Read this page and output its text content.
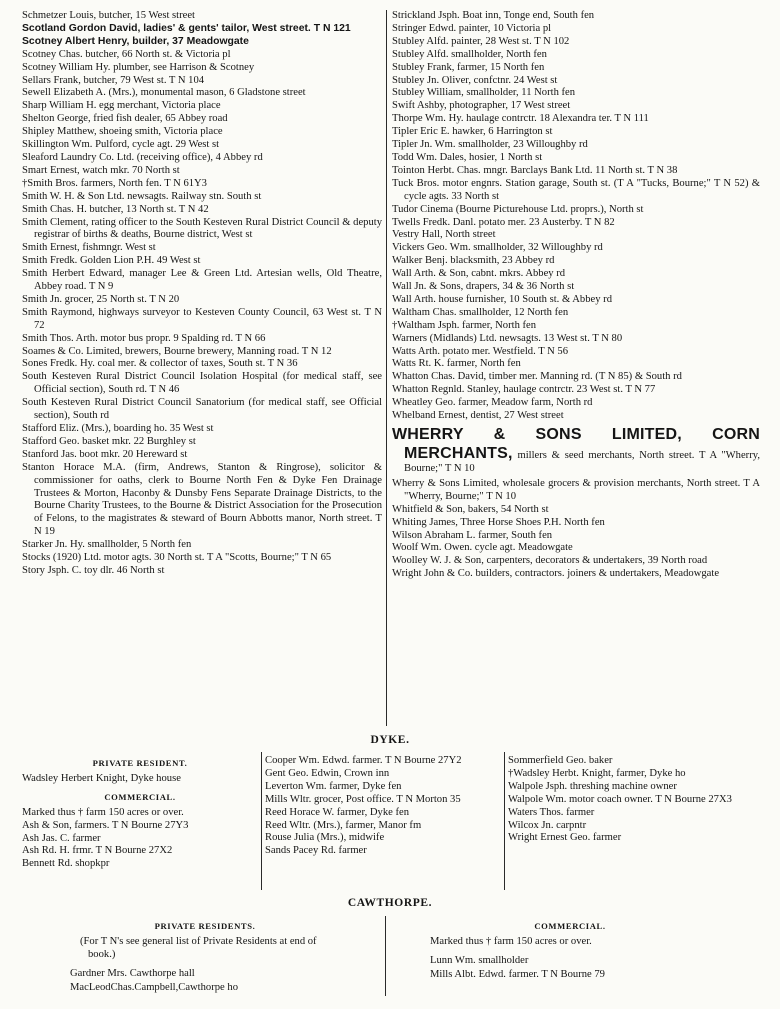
Schmetzer Louis, butcher, 15 West street
Scotland Gordon David, ladies' & gents' tailor, West street. T N 121
Scotney Albert Henry, builder, 37 Meadowgate
Scotney Chas. butcher, 66 North st. & Victoria pl
Scotney William Hy. plumber, see Harrison & Scotney
Sellars Frank, butcher, 79 West st. T N 104
Sewell Elizabeth A. (Mrs.), monumental mason, 6 Gladstone street
Sharp William H. egg merchant, Victoria place
Shelton George, fried fish dealer, 65 Abbey road
Shipley Matthew, shoeing smith, Victoria place
Skillington Wm. Pulford, cycle agt. 29 West st
Sleaford Laundry Co. Ltd. (receiving office), 4 Abbey rd
Smart Ernest, watch mkr. 70 North st
†Smith Bros. farmers, North fen. T N 61Y3
Smith W. H. & Son Ltd. newsagts. Railway stn. South st
Smith Chas. H. butcher, 13 North st. T N 42
Smith Clement, rating officer to the South Kesteven Rural District Council & deputy registrar of births & deaths, Bourne district, West st
Smith Ernest, fishmngr. West st
Smith Fredk. Golden Lion P.H. 49 West st
Smith Herbert Edward, manager Lee & Green Ltd. Artesian wells, Old Theatre, Abbey road. T N 9
Smith Jn. grocer, 25 North st. T N 20
Smith Raymond, highways surveyor to Kesteven County Council, 63 West st. T N 72
Smith Thos. Arth. motor bus propr. 9 Spalding rd. T N 66
Soames & Co. Limited, brewers, Bourne brewery, Manning road. T N 12
Sones Fredk. Hy. coal mer. & collector of taxes, South st. T N 36
South Kesteven Rural District Council Isolation Hospital (for medical staff, see Official section), South rd. T N 46
South Kesteven Rural District Council Sanatorium (for medical staff, see Official section), South rd
Stafford Eliz. (Mrs.), boarding ho. 35 West st
Stafford Geo. basket mkr. 22 Burghley st
Stanford Jas. boot mkr. 20 Hereward st
Stanton Horace M.A. (firm, Andrews, Stanton & Ringrose), solicitor & commissioner for oaths, clerk to Bourne North Fen & Dyke Fen Drainage Trustees & Morton, Haconby & Dunsby Fens Separate Drainage Districts, to the Bourne Charity Trustees, to the Bourne & District Association for the Prosecution of Felons, to the magistrates & steward of Bourn Abbotts manor, North street. T N 19
Starker Jn. Hy. smallholder, 5 North fen
Stocks (1920) Ltd. motor agts. 30 North st. T A "Scotts, Bourne;" T N 65
Story Jsph. C. toy dlr. 46 North st
Strickland Jsph. Boat inn, Tonge end, South fen
Stringer Edwd. painter, 10 Victoria pl
Stubley Alfd. painter, 28 West st. T N 102
Stubley Alfd. smallholder, North fen
Stubley Frank, farmer, 15 North fen
Stubley Jn. Oliver, confctnr. 24 West st
Stubley William, smallholder, 11 North fen
Swift Ashby, photographer, 17 West street
Thorpe Wm. Hy. haulage contrctr. 18 Alexandra ter. T N 111
Tipler Eric E. hawker, 6 Harrington st
Tipler Jn. Wm. smallholder, 23 Willoughby rd
Todd Wm. Dales, hosier, 1 North st
Tointon Herbt. Chas. mngr. Barclays Bank Ltd. 11 North st. T N 38
Tuck Bros. motor engnrs. Station garage, South st. (T A "Tucks, Bourne;" T N 52) & cycle agts. 33 North st
Tudor Cinema (Bourne Picturehouse Ltd. proprs.), North st
Twells Fredk. Danl. potato mer. 23 Austerby. T N 82
Vestry Hall, North street
Vickers Geo. Wm. smallholder, 32 Willoughby rd
Walker Benj. blacksmith, 23 Abbey rd
Wall Arth. & Son, cabnt. mkrs. Abbey rd
Wall Jn. & Sons, drapers, 34 & 36 North st
Wall Arth. house furnisher, 10 South st. & Abbey rd
Waltham Chas. smallholder, 12 North fen
†Waltham Jsph. farmer, North fen
Warners (Midlands) Ltd. newsagts. 13 West st. T N 80
Watts Arth. potato mer. Westfield. T N 56
Watts Rt. K. farmer, North fen
Whatton Chas. David, timber mer. Manning rd. (T N 85) & South rd
Whatton Regnld. Stanley, haulage contrctr. 23 West st. T N 77
Wheatley Geo. farmer, Meadow farm, North rd
Whelband Ernest, dentist, 27 West street
WHERRY & SONS LIMITED, CORN MERCHANTS, millers & seed merchants, North street. T A "Wherry, Bourne;" T N 10
Wherry & Sons Limited, wholesale grocers & provision merchants, North street. T A "Wherry, Bourne;" T N 10
Whitfield & Son, bakers, 54 North st
Whiting James, Three Horse Shoes P.H. North fen
Wilson Abraham L. farmer, South fen
Woolf Wm. Owen. cycle agt. Meadowgate
Woolley W. J. & Son, carpenters, decorators & undertakers, 39 North road
Wright John & Co. builders, contractors. joiners & undertakers, Meadowgate
DYKE.
PRIVATE RESIDENT.
Wadsley Herbert Knight, Dyke house
COMMERCIAL.
Marked thus † farm 150 acres or over.
Ash & Son, farmers. T N Bourne 27Y3
Ash Jas. C. farmer
Ash Rd. H. frmr. T N Bourne 27X2
Bennett Rd. shopkpr
Cooper Wm. Edwd. farmer. T N Bourne 27Y2
Gent Geo. Edwin, Crown inn
Leverton Wm. farmer, Dyke fen
Mills Wltr. grocer, Post office. T N Morton 35
Reed Horace W. farmer, Dyke fen
Reed Wltr. (Mrs.), farmer, Manor fm
Rouse Julia (Mrs.), midwife
Sands Pacey Rd. farmer
Sommerfield Geo. baker
†Wadsley Herbt. Knight, farmer, Dyke ho
Walpole Jsph. threshing machine owner
Walpole Wm. motor coach owner. T N Bourne 27X3
Waters Thos. farmer
Wilcox Jn. carpntr
Wright Ernest Geo. farmer
CAWTHORPE.
PRIVATE RESIDENTS.
(For T N's see general list of Private Residents at end of book.)
Gardner Mrs. Cawthorpe hall
MacLeodChas.Campbell,Cawthorpe ho
COMMERCIAL.
Marked thus † farm 150 acres or over.
Lunn Wm. smallholder
Mills Albt. Edwd. farmer. T N Bourne 79
